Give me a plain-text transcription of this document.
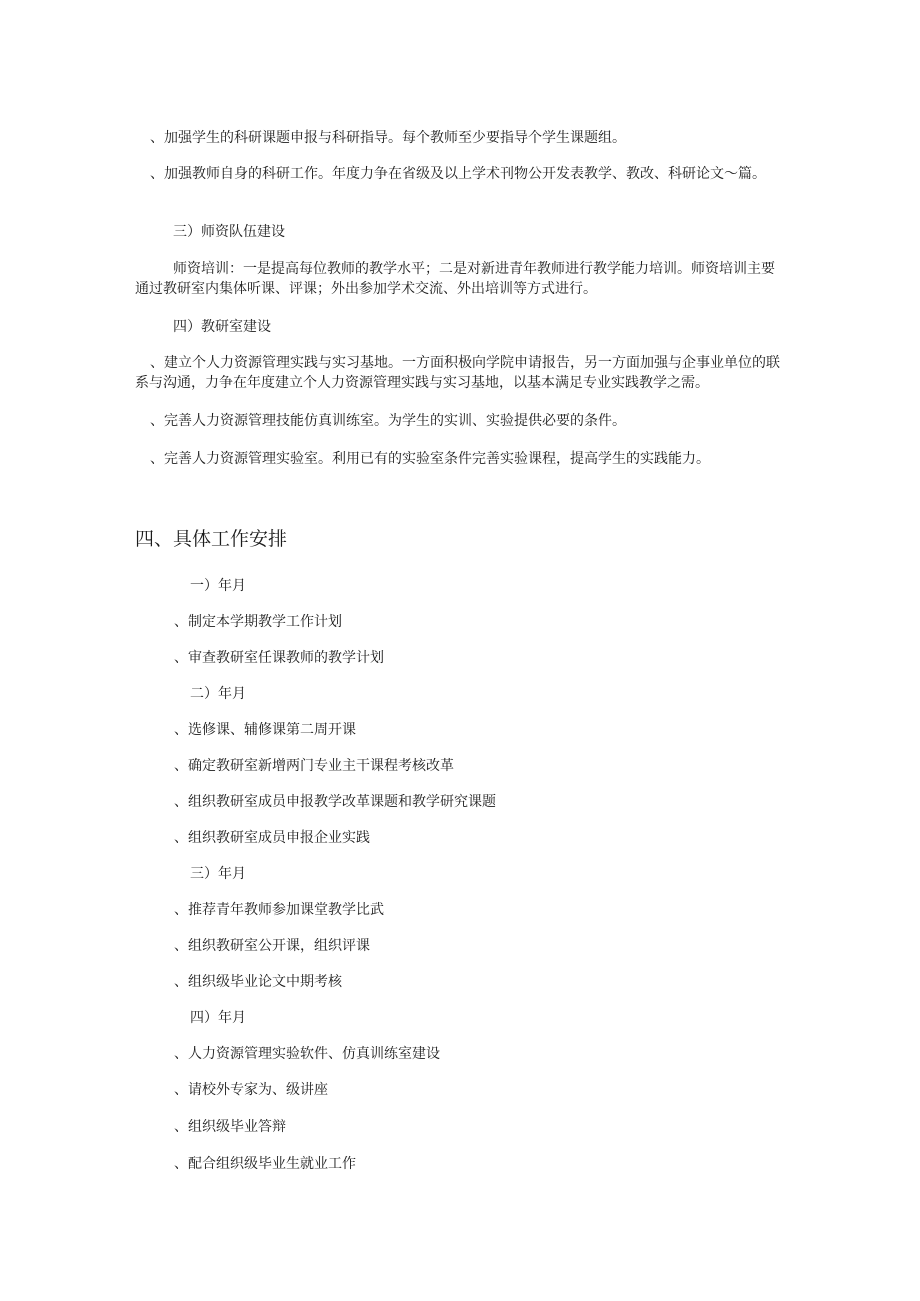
、加强学生的科研课题申报与科研指导。每个教师至少要指导个学生课题组。

、加强教师自身的科研工作。年度力争在省级及以上学术刊物公开发表教学、教改、科研论文～篇。

三）师资队伍建设

师资培训：一是提高每位教师的教学水平；二是对新进青年教师进行教学能力培训。师资培训主要通过教研室内集体听课、评课；外出参加学术交流、外出培训等方式进行。

四）教研室建设

、建立个人力资源管理实践与实习基地。一方面积极向学院申请报告，另一方面加强与企事业单位的联系与沟通，力争在年度建立个人力资源管理实践与实习基地，以基本满足专业实践教学之需。

、完善人力资源管理技能仿真训练室。为学生的实训、实验提供必要的条件。

、完善人力资源管理实验室。利用已有的实验室条件完善实验课程，提高学生的实践能力。

四、具体工作安排

一）年月

、制定本学期教学工作计划

、审查教研室任课教师的教学计划

二）年月

、选修课、辅修课第二周开课

、确定教研室新增两门专业主干课程考核改革

、组织教研室成员申报教学改革课题和教学研究课题

、组织教研室成员申报企业实践

三）年月

、推荐青年教师参加课堂教学比武

、组织教研室公开课，组织评课

、组织级毕业论文中期考核

四）年月

、人力资源管理实验软件、仿真训练室建设

、请校外专家为、级讲座

、组织级毕业答辩

、配合组织级毕业生就业工作
